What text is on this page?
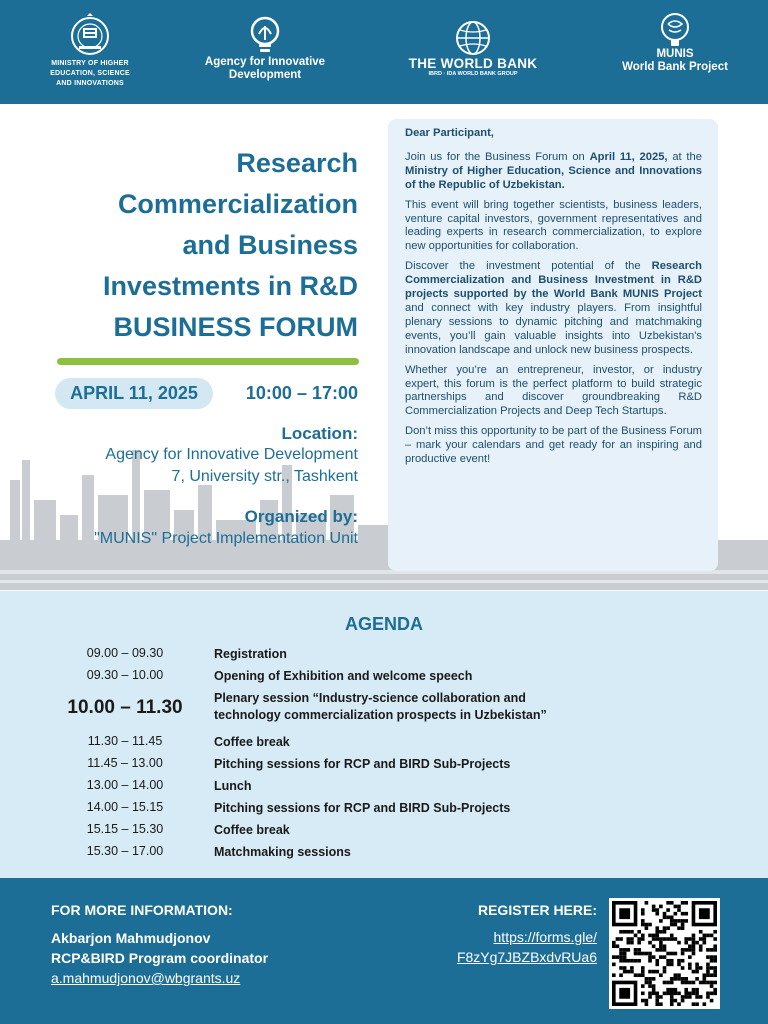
MINISTRY OF HIGHER
EDUCATION, SCIENCE
AND INNOVATIONS
Agency for Innovative
Development
THE WORLD BANK
IBRD · IDA WORLD BANK GROUP
MUNIS
World Bank Project
Research
Commercialization
and Business
Investments in R&D
BUSINESS FORUM
APRIL 11, 2025	10:00 – 17:00
Location:
Agency for Innovative Development
7, University str., Tashkent
Organized by:
"MUNIS" Project Implementation Unit

Dear Participant,

Join us for the Business Forum on April 11, 2025, at the Ministry of Higher Education, Science and Innovations of the Republic of Uzbekistan.

This event will bring together scientists, business leaders, venture capital investors, government representatives and leading experts in research commercialization, to explore new opportunities for collaboration.

Discover the investment potential of the Research Commercialization and Business Investment in R&D projects supported by the World Bank MUNIS Project and connect with key industry players. From insightful plenary sessions to dynamic pitching and matchmaking events, you’ll gain valuable insights into Uzbekistan's innovation landscape and unlock new business prospects.

Whether you’re an entrepreneur, investor, or industry expert, this forum is the perfect platform to build strategic partnerships and discover groundbreaking R&D Commercialization Projects and Deep Tech Startups.

Don’t miss this opportunity to be part of the Business Forum – mark your calendars and get ready for an inspiring and productive event!

AGENDA
09.00 – 09.30	Registration
09.30 – 10.00	Opening of Exhibition and welcome speech
10.00 – 11.30	Plenary session “Industry-science collaboration and technology commercialization prospects in Uzbekistan”
11.30 – 11.45	Coffee break
11.45 – 13.00	Pitching sessions for RCP and BIRD Sub-Projects
13.00 – 14.00	Lunch
14.00 – 15.15	Pitching sessions for RCP and BIRD Sub-Projects
15.15 – 15.30	Coffee break
15.30 – 17.00	Matchmaking sessions
FOR MORE INFORMATION:
Akbarjon Mahmudjonov
RCP&BIRD Program coordinator
a.mahmudjonov@wbgrants.uz
REGISTER HERE:
https://forms.gle/
F8zYg7JBZBxdvRUa6
